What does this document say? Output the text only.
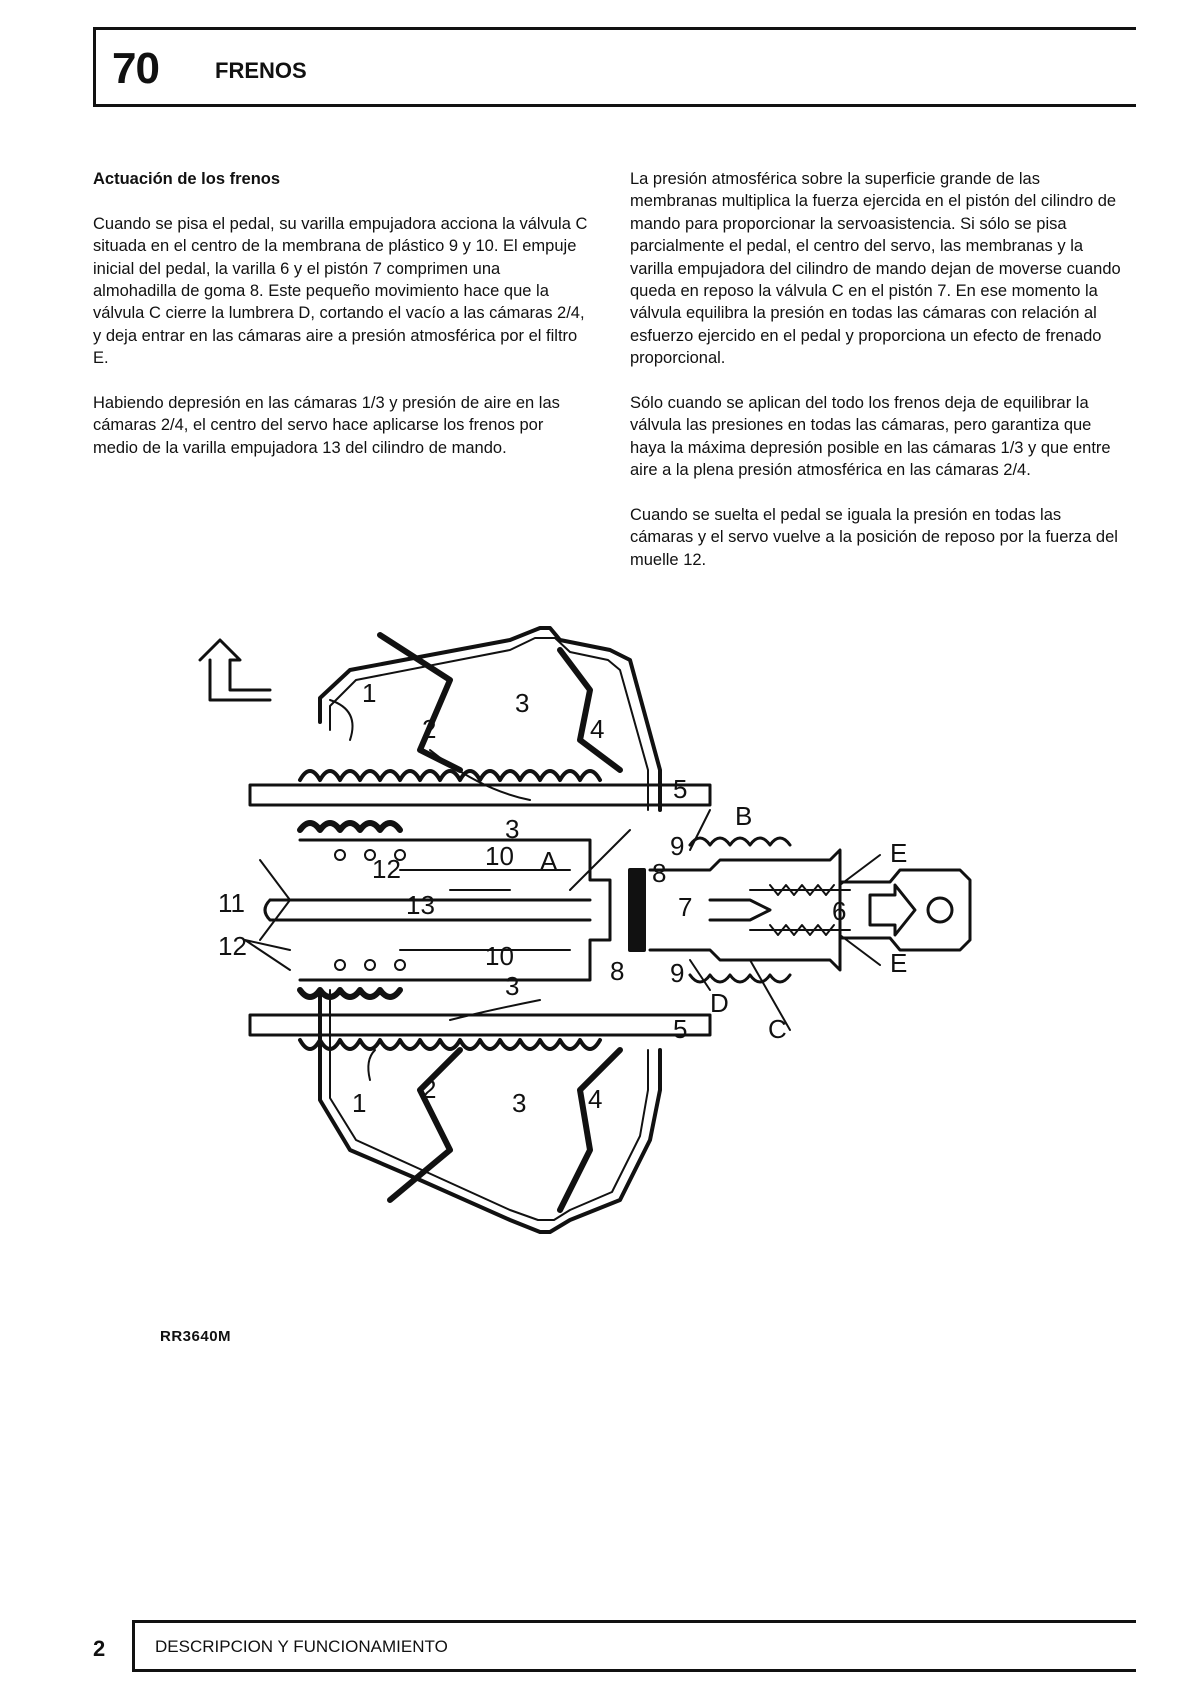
70	FRENOS
Actuación de los frenos

Cuando se pisa el pedal, su varilla empujadora acciona la válvula C situada en el centro de la membrana de plástico 9 y 10. El empuje inicial del pedal, la varilla 6 y el pistón 7 comprimen una almohadilla de goma 8. Este pequeño movimiento hace que la válvula C cierre la lumbrera D, cortando el vacío a las cámaras 2/4, y deja entrar en las cámaras aire a presión atmosférica por el filtro E.

Habiendo depresión en las cámaras 1/3 y presión de aire en las cámaras 2/4, el centro del servo hace aplicarse los frenos por medio de la varilla empujadora 13 del cilindro de mando.

La presión atmosférica sobre la superficie grande de las membranas multiplica la fuerza ejercida en el pistón del cilindro de mando para proporcionar la servoasistencia. Si sólo se pisa parcialmente el pedal, el centro del servo, las membranas y la varilla empujadora del cilindro de mando dejan de moverse cuando queda en reposo la válvula C en el pistón 7. En ese momento la válvula equilibra la presión en todas las cámaras con relación al esfuerzo ejercido en el pedal y proporciona un efecto de frenado proporcional.

Sólo cuando se aplican del todo los frenos deja de equilibrar la válvula las presiones en todas las cámaras, pero garantiza que haya la máxima depresión posible en las cámaras 1/3 y que entre aire a la plena presión atmosférica en las cámaras 2/4.

Cuando se suelta el pedal se iguala la presión en todas las cámaras y el servo vuelve a la posición de reposo por la fuerza del muelle 12.

1
2
3
4
5
B
3
9	E
10 A	8
12
11	13	7	6
12	10	8 9	E
3
D
5	C
2
1	3 4
RR3640M
2	DESCRIPCION Y FUNCIONAMIENTO
